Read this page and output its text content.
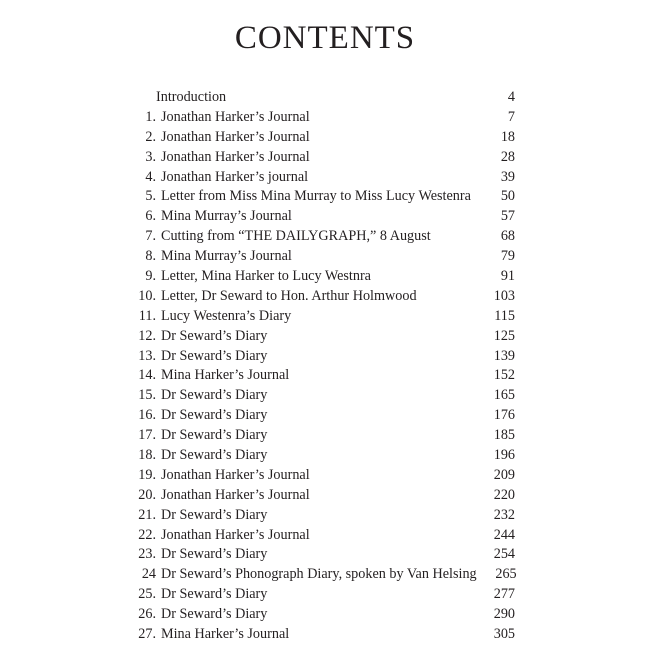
CONTENTS
Introduction	4
1. Jonathan Harker’s Journal	7
2. Jonathan Harker’s Journal	18
3. Jonathan Harker’s Journal	28
4. Jonathan Harker’s journal	39
5. Letter from Miss Mina Murray to Miss Lucy Westenra	50
6. Mina Murray’s Journal	57
7. Cutting from “THE DAILYGRAPH,” 8 August	68
8. Mina Murray’s Journal	79
9. Letter, Mina Harker to Lucy Westnra	91
10. Letter, Dr Seward to Hon. Arthur Holmwood	103
11. Lucy Westenra’s Diary	115
12. Dr Seward’s Diary	125
13. Dr Seward’s Diary	139
14. Mina Harker’s Journal	152
15. Dr Seward’s Diary	165
16. Dr Seward’s Diary	176
17. Dr Seward’s Diary	185
18. Dr Seward’s Diary	196
19. Jonathan Harker’s Journal	209
20. Jonathan Harker’s Journal	220
21. Dr Seward’s Diary	232
22. Jonathan Harker’s Journal	244
23. Dr Seward’s Diary	254
24 Dr Seward’s Phonograph Diary, spoken by Van Helsing	265
25. Dr Seward’s Diary	277
26. Dr Seward’s Diary	290
27. Mina Harker’s Journal	305
